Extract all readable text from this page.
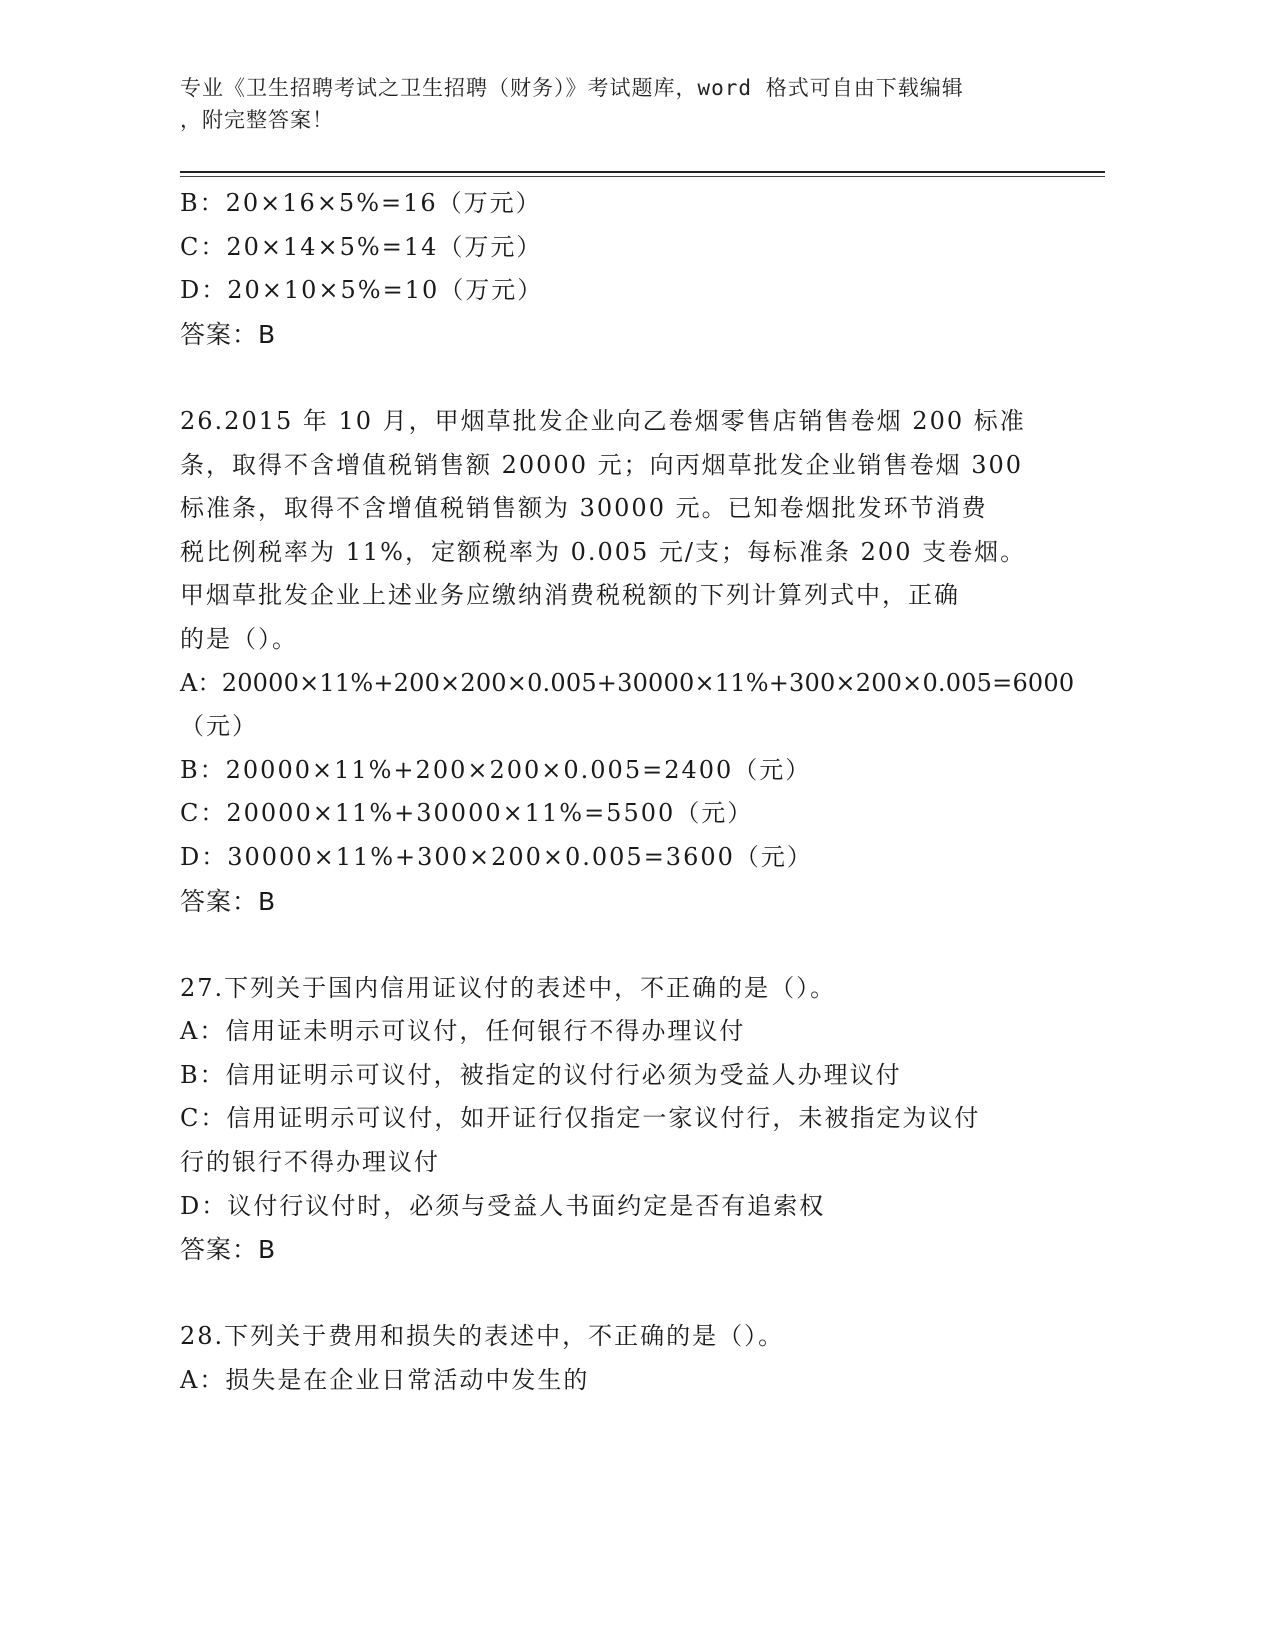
专业《卫生招聘考试之卫生招聘（财务）》考试题库，word 格式可自由下载编辑
，附完整答案！
B：20×16×5%=16（万元）
C：20×14×5%=14（万元）
D：20×10×5%=10（万元）
答案：B
26.2015 年 10 月，甲烟草批发企业向乙卷烟零售店销售卷烟 200 标准
条，取得不含增值税销售额 20000 元；向丙烟草批发企业销售卷烟 300
标准条，取得不含增值税销售额为 30000 元。已知卷烟批发环节消费
税比例税率为 11%，定额税率为 0.005 元/支；每标准条 200 支卷烟。
甲烟草批发企业上述业务应缴纳消费税税额的下列计算列式中，正确
的是（）。
A：20000×11%+200×200×0.005+30000×11%+300×200×0.005=6000
（元）
B：20000×11%+200×200×0.005=2400（元）
C：20000×11%+30000×11%=5500（元）
D：30000×11%+300×200×0.005=3600（元）
答案：B
27.下列关于国内信用证议付的表述中，不正确的是（）。
A：信用证未明示可议付，任何银行不得办理议付
B：信用证明示可议付，被指定的议付行必须为受益人办理议付
C：信用证明示可议付，如开证行仅指定一家议付行，未被指定为议付
行的银行不得办理议付
D：议付行议付时，必须与受益人书面约定是否有追索权
答案：B
28.下列关于费用和损失的表述中，不正确的是（）。
A：损失是在企业日常活动中发生的
